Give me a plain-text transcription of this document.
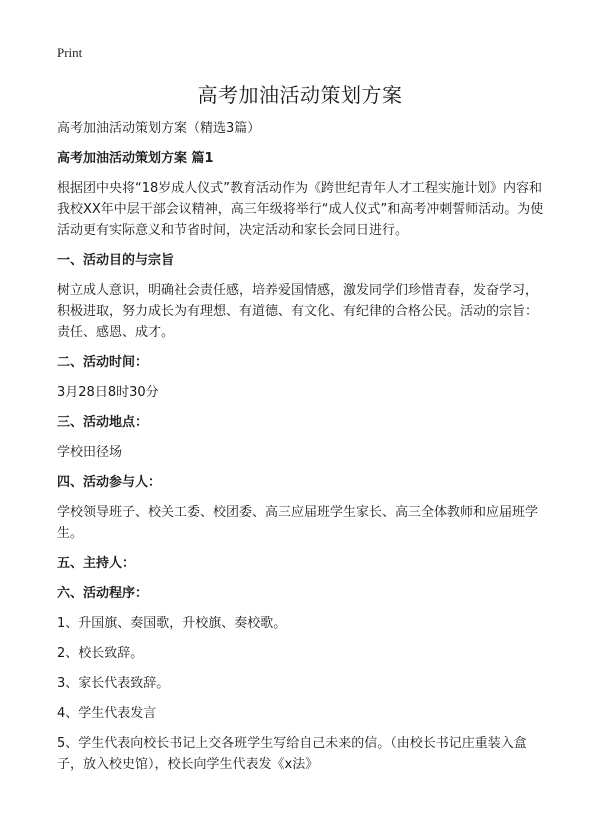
Print
高考加油活动策划方案

高考加油活动策划方案（精选3篇）

高考加油活动策划方案 篇1

根据团中央将“18岁成人仪式”教育活动作为《跨世纪青年人才工程实施计划》内容和我校XX年中层干部会议精神，高三年级将举行“成人仪式”和高考冲刺誓师活动。为使活动更有实际意义和节省时间，决定活动和家长会同日进行。

一、活动目的与宗旨

树立成人意识，明确社会责任感，培养爱国情感，激发同学们珍惜青春，发奋学习，积极进取，努力成长为有理想、有道德、有文化、有纪律的合格公民。活动的宗旨：责任、感恩、成才。

二、活动时间：

3月28日8时30分

三、活动地点：

学校田径场

四、活动参与人：

学校领导班子、校关工委、校团委、高三应届班学生家长、高三全体教师和应届班学生。

五、主持人：

六、活动程序：

1、升国旗、奏国歌，升校旗、奏校歌。

2、校长致辞。

3、家长代表致辞。

4、学生代表发言

5、学生代表向校长书记上交各班学生写给自己未来的信。（由校长书记庄重装入盒子，放入校史馆），校长向学生代表发《x法》
